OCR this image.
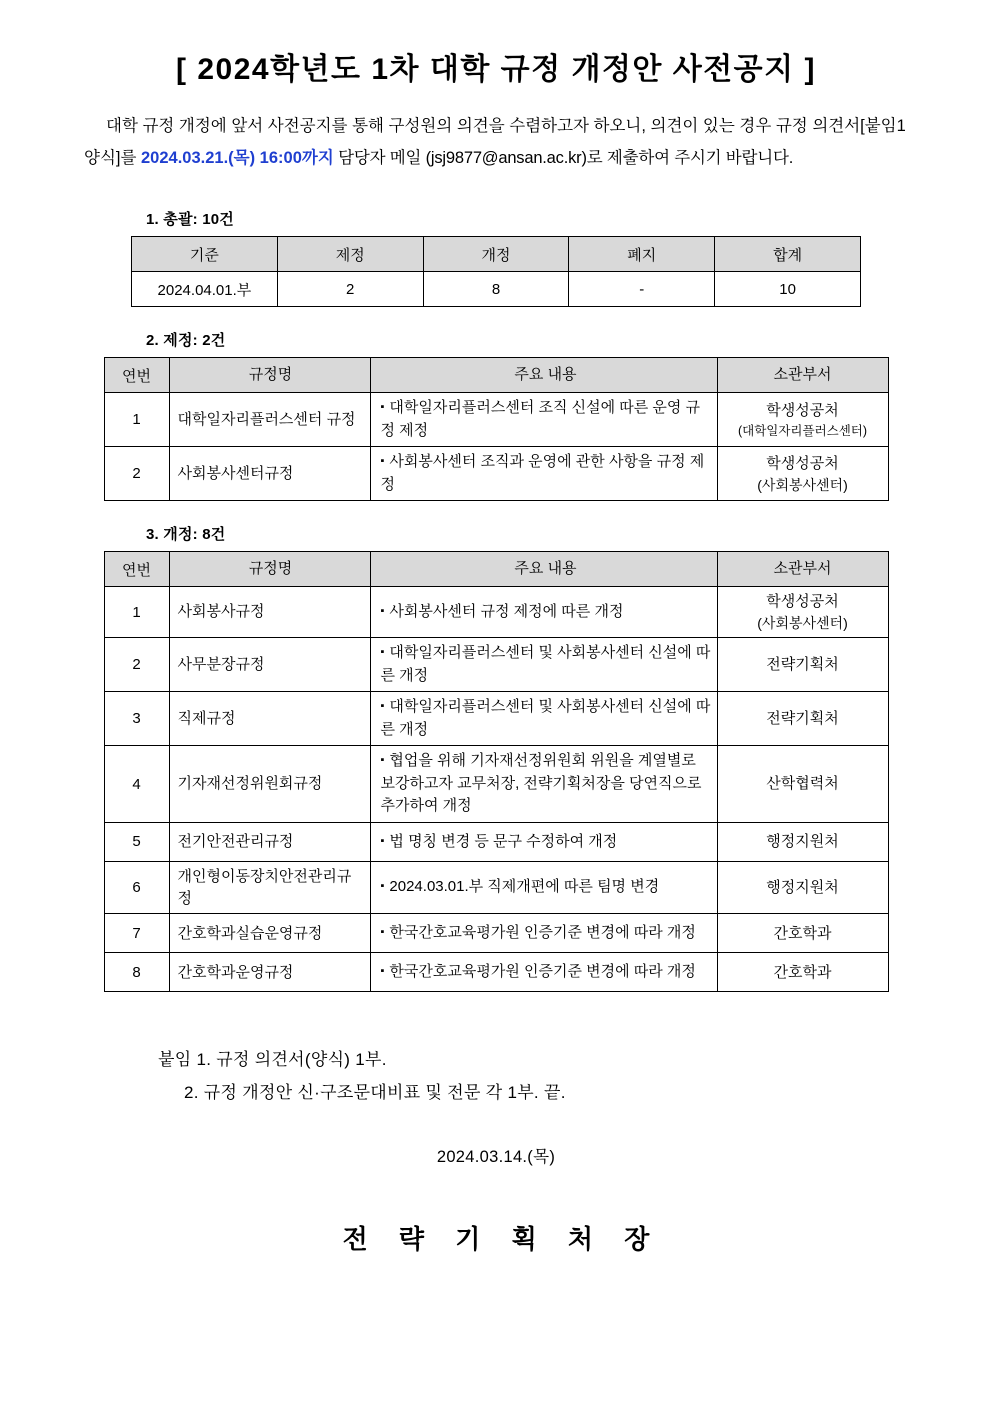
[ 2024학년도 1차 대학 규정 개정안 사전공지 ]
대학 규정 개정에 앞서 사전공지를 통해 구성원의 의견을 수렴하고자 하오니, 의견이 있는 경우 규정 의견서[붙임1 양식]를 2024.03.21.(목) 16:00까지 담당자 메일 (jsj9877@ansan.ac.kr)로 제출하여 주시기 바랍니다.
1. 총괄: 10건
기준	제정	개정	폐지	합계
2024.04.01.부	2	8	-	10
2. 제정: 2건
연번	규정명	주요 내용	소관부서
1	대학일자리플러스센터 규정	▪ 대학일자리플러스센터 조직 신설에 따른 운영 규정 제정	학생성공처
(대학일자리플러스센터)

2	사회봉사센터규정	▪ 사회봉사센터 조직과 운영에 관한 사항을 규정 제정	학생성공처
(사회봉사센터)
3. 개정: 8건
연번	규정명	주요 내용	소관부서
1	사회봉사규정	▪ 사회봉사센터 규정 제정에 따른 개정	학생성공처
(사회봉사센터)

2	사무분장규정	▪ 대학일자리플러스센터 및 사회봉사센터 신설에 따른 개정	전략기획처
3	직제규정	▪ 대학일자리플러스센터 및 사회봉사센터 신설에 따른 개정	전략기획처
4	기자재선정위원회규정	▪ 협업을 위해 기자재선정위원회 위원을 계열별로 보강하고자 교무처장, 전략기획처장을 당연직으로 추가하여 개정	산학협력처
5	전기안전관리규정	▪ 법 명칭 변경 등 문구 수정하여 개정	행정지원처
6	개인형이동장치안전관리규정	▪ 2024.03.01.부 직제개편에 따른 팀명 변경	행정지원처
7	간호학과실습운영규정	▪ 한국간호교육평가원 인증기준 변경에 따라 개정	간호학과
8	간호학과운영규정	▪ 한국간호교육평가원 인증기준 변경에 따라 개정	간호학과
붙임 1. 규정 의견서(양식) 1부.
2. 규정 개정안 신·구조문대비표 및 전문 각 1부. 끝.
2024.03.14.(목)
전 략 기 획 처 장
